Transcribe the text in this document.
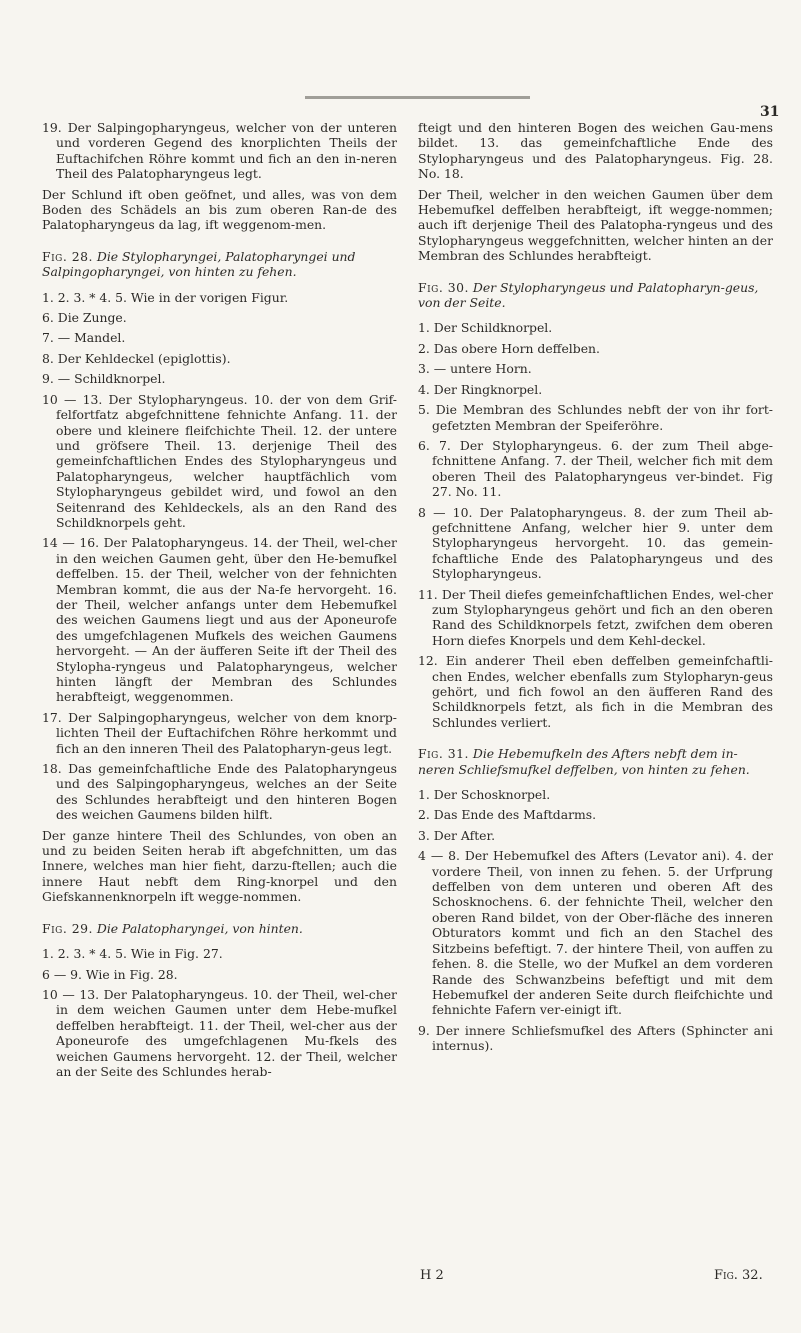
31

19. Der Salpingopharyngeus, welcher von der unteren und vorderen Gegend des knorplichten Theils der Euftachifchen Röhre kommt und fich an den in-neren Theil des Palatopharyngeus legt.

Der Schlund ift oben geöfnet, und alles, was von dem Boden des Schädels an bis zum oberen Ran-de des Palatopharyngeus da lag, ift weggenom-men.

Fig. 28. Die Stylopharyngei, Palatopharyngei und Salpingopharyngei, von hinten zu fehen.

1. 2. 3. * 4. 5. Wie in der vorigen Figur.

6. Die Zunge.

7. — Mandel.

8. Der Kehldeckel (epiglottis).

9. — Schildknorpel.

10 — 13. Der Stylopharyngeus. 10. der von dem Grif-felfortfatz abgefchnittene fehnichte Anfang. 11. der obere und kleinere fleifchichte Theil. 12. der untere und gröfsere Theil. 13. derjenige Theil des gemeinfchaftlichen Endes des Stylopharyngeus und Palatopharyngeus, welcher hauptfächlich vom Stylopharyngeus gebildet wird, und fowol an den Seitenrand des Kehldeckels, als an den Rand des Schildknorpels geht.

14 — 16. Der Palatopharyngeus. 14. der Theil, wel-cher in den weichen Gaumen geht, über den He-bemufkel deffelben. 15. der Theil, welcher von der fehnichten Membran kommt, die aus der Na-fe hervorgeht. 16. der Theil, welcher anfangs unter dem Hebemufkel des weichen Gaumens liegt und aus der Aponeurofe des umgefchlagenen Mufkels des weichen Gaumens hervorgeht. — An der äufferen Seite ift der Theil des Stylopha-ryngeus und Palatopharyngeus, welcher hinten längft der Membran des Schlundes herabfteigt, weggenommen.

17. Der Salpingopharyngeus, welcher von dem knorp-lichten Theil der Euftachifchen Röhre herkommt und fich an den inneren Theil des Palatopharyn-geus legt.

18. Das gemeinfchaftliche Ende des Palatopharyngeus und des Salpingopharyngeus, welches an der Seite des Schlundes herabfteigt und den hinteren Bogen des weichen Gaumens bilden hilft.

Der ganze hintere Theil des Schlundes, von oben an und zu beiden Seiten herab ift abgefchnitten, um das Innere, welches man hier fieht, darzu-ftellen; auch die innere Haut nebft dem Ring-knorpel und den Giefskannenknorpeln ift wegge-nommen.

Fig. 29. Die Palatopharyngei, von hinten.

1. 2. 3. * 4. 5. Wie in Fig. 27.

6 — 9. Wie in Fig. 28.

10 — 13. Der Palatopharyngeus. 10. der Theil, wel-cher in dem weichen Gaumen unter dem Hebe-mufkel deffelben herabfteigt. 11. der Theil, wel-cher aus der Aponeurofe des umgefchlagenen Mu-fkels des weichen Gaumens hervorgeht. 12. der Theil, welcher an der Seite des Schlundes herab-

fteigt und den hinteren Bogen des weichen Gau-mens bildet. 13. das gemeinfchaftliche Ende des Stylopharyngeus und des Palatopharyngeus. Fig. 28. No. 18.

Der Theil, welcher in den weichen Gaumen über dem Hebemufkel deffelben herabfteigt, ift wegge-nommen; auch ift derjenige Theil des Palatopha-ryngeus und des Stylopharyngeus weggefchnitten, welcher hinten an der Membran des Schlundes herabfteigt.

Fig. 30. Der Stylopharyngeus und Palatopharyn-geus, von der Seite.

1. Der Schildknorpel.

2. Das obere Horn deffelben.

3. — untere Horn.

4. Der Ringknorpel.

5. Die Membran des Schlundes nebft der von ihr fort-gefetzten Membran der Speiferöhre.

6. 7. Der Stylopharyngeus. 6. der zum Theil abge-fchnittene Anfang. 7. der Theil, welcher fich mit dem oberen Theil des Palatopharyngeus ver-bindet. Fig 27. No. 11.

8 — 10. Der Palatopharyngeus. 8. der zum Theil ab-gefchnittene Anfang, welcher hier 9. unter dem Stylopharyngeus hervorgeht. 10. das gemein-fchaftliche Ende des Palatopharyngeus und des Stylopharyngeus.

11. Der Theil diefes gemeinfchaftlichen Endes, wel-cher zum Stylopharyngeus gehört und fich an den oberen Rand des Schildknorpels fetzt, zwifchen dem oberen Horn diefes Knorpels und dem Kehl-deckel.

12. Ein anderer Theil eben deffelben gemeinfchaftli-chen Endes, welcher ebenfalls zum Stylopharyn-geus gehört, und fich fowol an den äufferen Rand des Schildknorpels fetzt, als fich in die Membran des Schlundes verliert.

Fig. 31. Die Hebemufkeln des Afters nebft dem in-neren Schliefsmufkel deffelben, von hinten zu fehen.

1. Der Schosknorpel.

2. Das Ende des Maftdarms.

3. Der After.

4 — 8. Der Hebemufkel des Afters (Levator ani). 4. der vordere Theil, von innen zu fehen. 5. der Urfprung deffelben von dem unteren und oberen Aft des Schosknochens. 6. der fehnichte Theil, welcher den oberen Rand bildet, von der Ober-fläche des inneren Obturators kommt und fich an den Stachel des Sitzbeins befeftigt. 7. der hintere Theil, von auffen zu fehen. 8. die Stelle, wo der Mufkel an dem vorderen Rande des Schwanzbeins befeftigt und mit dem Hebemufkel der anderen Seite durch fleifchichte und fehnichte Fafern ver-einigt ift.

9. Der innere Schliefsmufkel des Afters (Sphincter ani internus).

H 2	Fig. 32.
